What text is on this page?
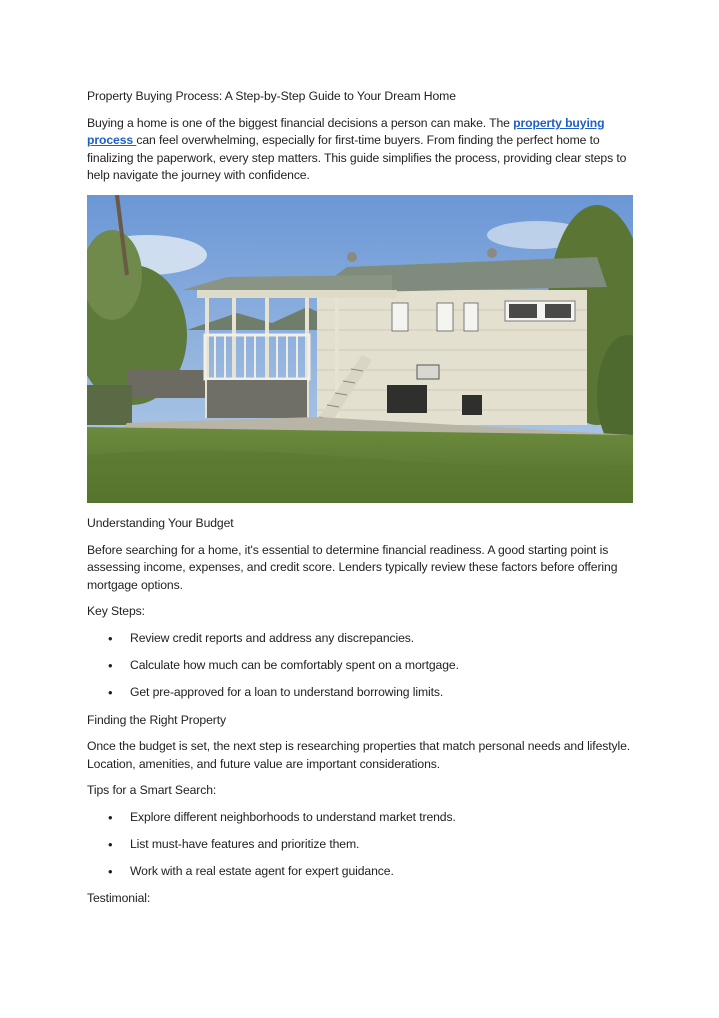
Property Buying Process: A Step-by-Step Guide to Your Dream Home

Buying a home is one of the biggest financial decisions a person can make. The property buying process can feel overwhelming, especially for first-time buyers. From finding the perfect home to finalizing the paperwork, every step matters. This guide simplifies the process, providing clear steps to help navigate the journey with confidence.

Understanding Your Budget

Before searching for a home, it's essential to determine financial readiness. A good starting point is assessing income, expenses, and credit score. Lenders typically review these factors before offering mortgage options.

Key Steps:

• Review credit reports and address any discrepancies.
• Calculate how much can be comfortably spent on a mortgage.
• Get pre-approved for a loan to understand borrowing limits.

Finding the Right Property

Once the budget is set, the next step is researching properties that match personal needs and lifestyle. Location, amenities, and future value are important considerations.

Tips for a Smart Search:

• Explore different neighborhoods to understand market trends.
• List must-have features and prioritize them.
• Work with a real estate agent for expert guidance.

Testimonial:
